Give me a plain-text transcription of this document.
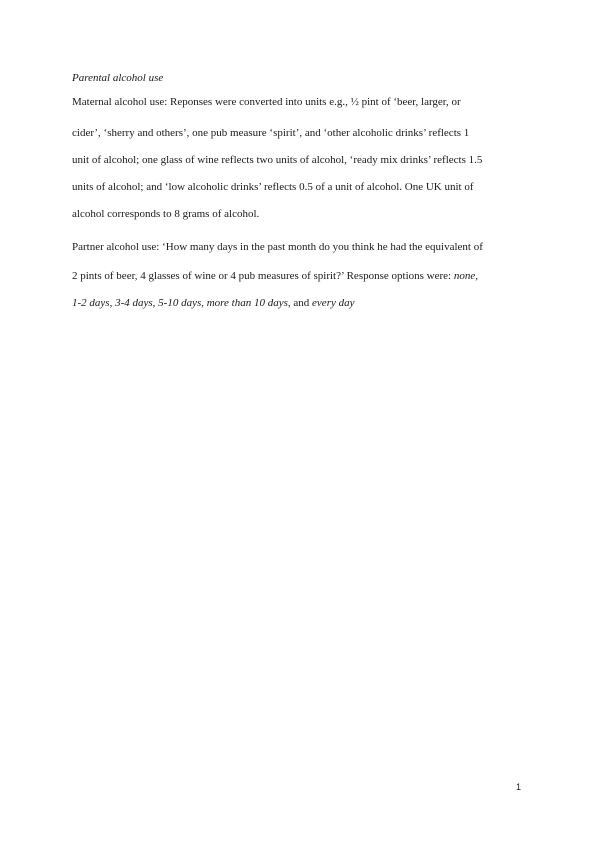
Parental alcohol use
Maternal alcohol use: Reponses were converted into units e.g., ½ pint of ‘beer, larger, or
cider’, ‘sherry and others’, one pub measure ‘spirit’, and ‘other alcoholic drinks’ reflects 1
unit of alcohol; one glass of wine reflects two units of alcohol, ‘ready mix drinks’ reflects 1.5
units of alcohol; and ‘low alcoholic drinks’ reflects 0.5 of a unit of alcohol. One UK unit of
alcohol corresponds to 8 grams of alcohol.
Partner alcohol use: ‘How many days in the past month do you think he had the equivalent of
2 pints of beer, 4 glasses of wine or 4 pub measures of spirit?’ Response options were: none,
1-2 days, 3-4 days, 5-10 days, more than 10 days, and every day
1
